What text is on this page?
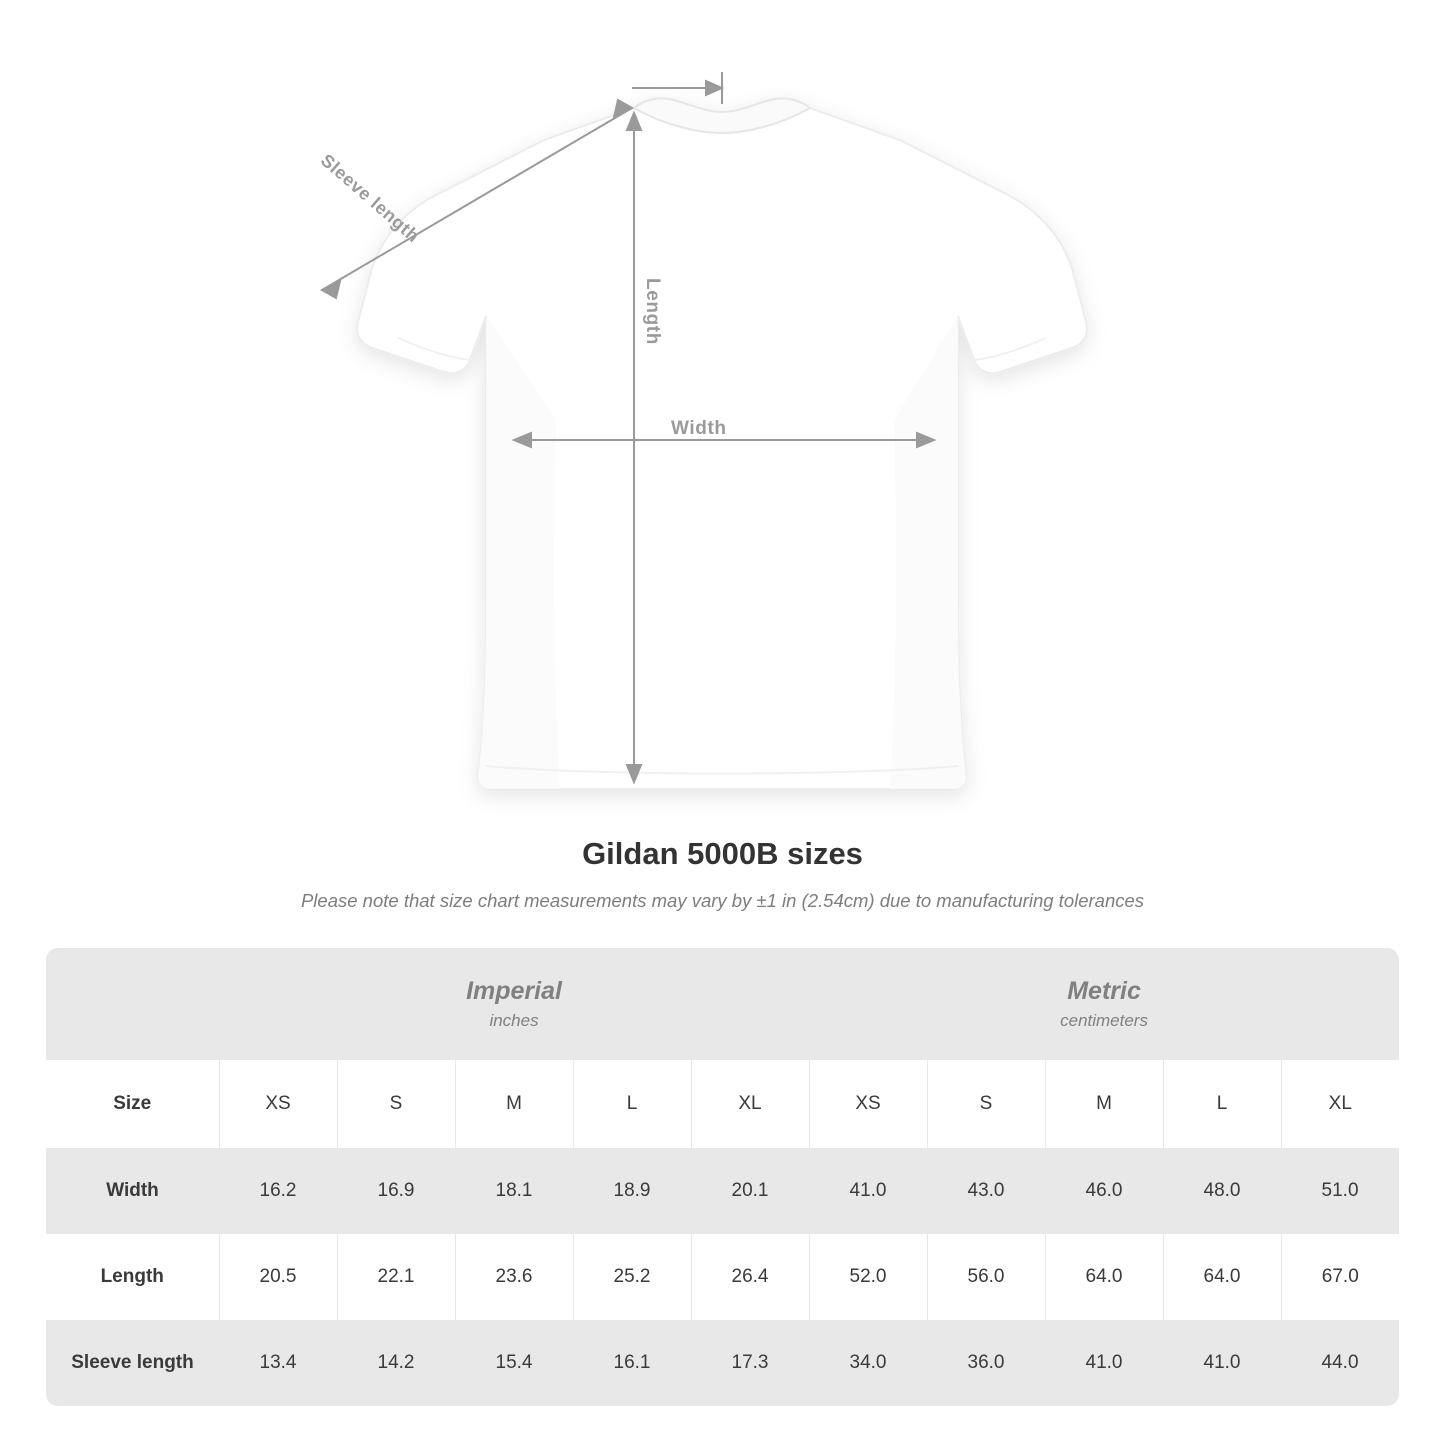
Sleeve length
Length
Width
Gildan 5000B sizes

Please note that size chart measurements may vary by ±1 in (2.54cm) due to manufacturing tolerances

Imperial
inches

Metric
centimeters

Size	XS	S	M	L	XL	XS	S	M	L	XL
Width	16.2	16.9	18.1	18.9	20.1	41.0	43.0	46.0	48.0	51.0
Length	20.5	22.1	23.6	25.2	26.4	52.0	56.0	64.0	64.0	67.0
Sleeve length	13.4	14.2	15.4	16.1	17.3	34.0	36.0	41.0	41.0	44.0
